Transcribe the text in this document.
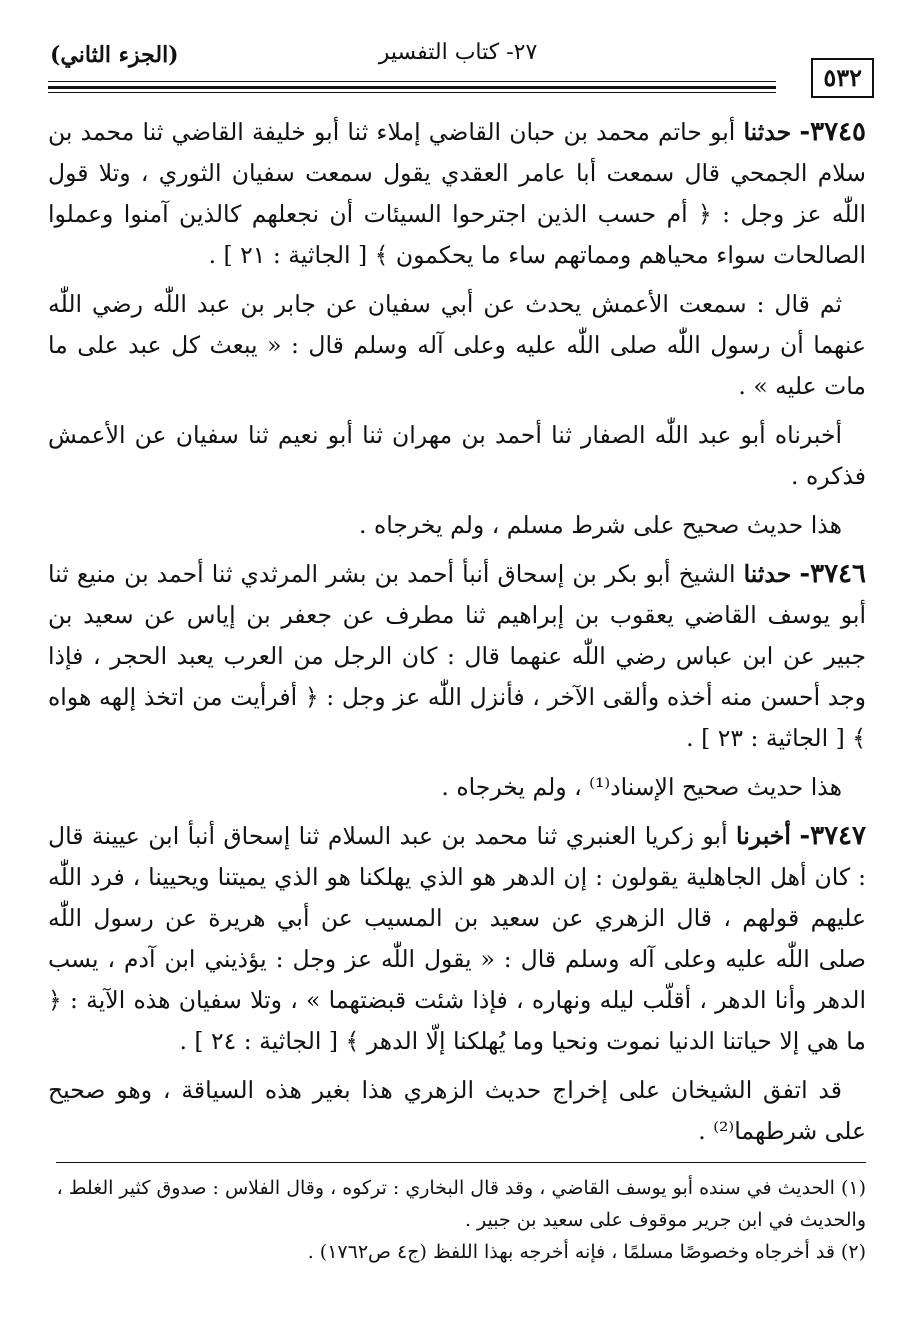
٥٣٢
٢٧- كتاب التفسير
(الجزء الثاني)

٣٧٤٥- حدثنا أبو حاتم محمد بن حبان القاضي إملاء ثنا أبو خليفة القاضي ثنا محمد بن سلام الجمحي قال سمعت أبا عامر العقدي يقول سمعت سفيان الثوري ، وتلا قول اللّٰه عز وجل : ﴿ أم حسب الذين اجترحوا السيئات أن نجعلهم كالذين آمنوا وعملوا الصالحات سواء محياهم ومماتهم ساء ما يحكمون ﴾ [ الجاثية : ٢١ ] .

ثم قال : سمعت الأعمش يحدث عن أبي سفيان عن جابر بن عبد اللّٰه رضي اللّٰه عنهما أن رسول اللّٰه صلى اللّٰه عليه وعلى آله وسلم قال : « يبعث كل عبد على ما مات عليه » .

أخبرناه أبو عبد اللّٰه الصفار ثنا أحمد بن مهران ثنا أبو نعيم ثنا سفيان عن الأعمش فذكره .

هذا حديث صحيح على شرط مسلم ، ولم يخرجاه .

٣٧٤٦- حدثنا الشيخ أبو بكر بن إسحاق أنبأ أحمد بن بشر المرثدي ثنا أحمد بن منيع ثنا أبو يوسف القاضي يعقوب بن إبراهيم ثنا مطرف عن جعفر بن إياس عن سعيد بن جبير عن ابن عباس رضي اللّٰه عنهما قال : كان الرجل من العرب يعبد الحجر ، فإذا وجد أحسن منه أخذه وألقى الآخر ، فأنزل اللّٰه عز وجل : ﴿ أفرأيت من اتخذ إلهه هواه ﴾ [ الجاثية : ٢٣ ] .

هذا حديث صحيح الإسناد⁽¹⁾ ، ولم يخرجاه .

٣٧٤٧- أخبرنا أبو زكريا العنبري ثنا محمد بن عبد السلام ثنا إسحاق أنبأ ابن عيينة قال : كان أهل الجاهلية يقولون : إن الدهر هو الذي يهلكنا هو الذي يميتنا ويحيينا ، فرد اللّٰه عليهم قولهم ، قال الزهري عن سعيد بن المسيب عن أبي هريرة عن رسول اللّٰه صلى اللّٰه عليه وعلى آله وسلم قال : « يقول اللّٰه عز وجل : يؤذيني ابن آدم ، يسب الدهر وأنا الدهر ، أقلّب ليله ونهاره ، فإذا شئت قبضتهما » ، وتلا سفيان هذه الآية : ﴿ ما هي إلا حياتنا الدنيا نموت ونحيا وما يُهلكنا إلّا الدهر ﴾ [ الجاثية : ٢٤ ] .

قد اتفق الشيخان على إخراج حديث الزهري هذا بغير هذه السياقة ، وهو صحيح على شرطهما⁽²⁾ .

(١) الحديث في سنده أبو يوسف القاضي ، وقد قال البخاري : تركوه ، وقال الفلاس : صدوق كثير الغلط ، والحديث في ابن جرير موقوف على سعيد بن جبير .

(٢) قد أخرجاه وخصوصًا مسلمًا ، فإنه أخرجه بهذا اللفظ (ج٤ ص١٧٦٢) .
